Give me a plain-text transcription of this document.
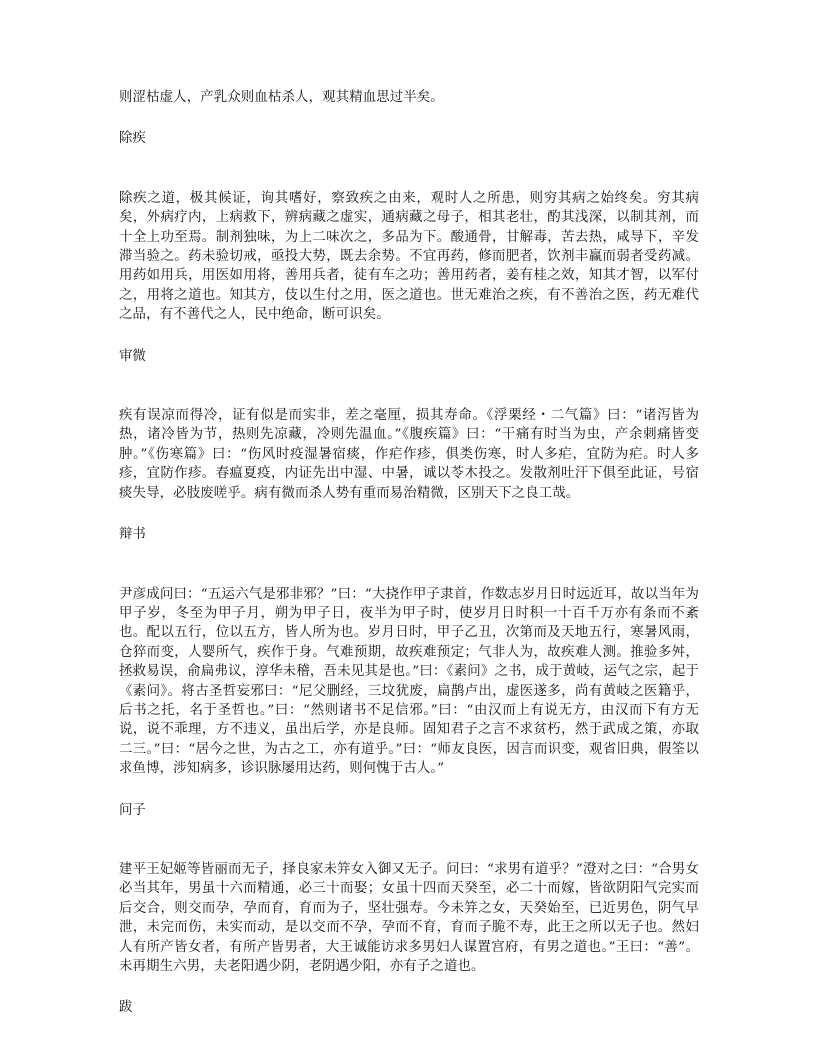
则涩枯虚人，产乳众则血枯杀人，观其精血思过半矣。

除疾

除疾之道，极其候证，询其嗜好，察致疾之由来，观时人之所患，则穷其病之始终矣。穷其病矣，外病疗内，上病救下，辨病藏之虚实，通病藏之母子，相其老壮，酌其浅深，以制其剂，而十全上功至焉。制剂独味，为上二味次之，多品为下。酸通骨，甘解毒，苦去热，咸导下，辛发滞当验之。药未验切戒，亟投大势，既去余势。不宜再药，修而肥者，饮剂丰赢而弱者受药减。用药如用兵，用医如用将，善用兵者，徒有车之功；善用药者，姜有桂之效，知其才智，以军付之，用将之道也。知其方，伎以生付之用，医之道也。世无难治之疾，有不善治之医，药无难代之品，有不善代之人，民中绝命，断可识矣。

审微

疾有误凉而得冷，证有似是而实非，差之毫厘，损其寿命。《浮栗经・二气篇》曰：“诸泻皆为热，诸冷皆为节，热则先凉藏，冷则先温血。”《腹疾篇》曰：“干痛有时当为虫，产余刺痛皆变肿。”《伤寒篇》曰：“伤风时疫湿暑宿痰，作疟作疹，俱类伤寒，时人多疟，宜防为疟。时人多疹，宜防作疹。春瘟夏疫，内证先出中湿、中暑，诚以苓木投之。发散剂吐汗下俱至此证，号宿痰失导，必肢废嗟乎。病有微而杀人势有重而易治精微，区别天下之良工哉。

辩书

尹彦成问曰：“五运六气是邪非邪？”曰：“大挠作甲子隶首，作数志岁月日时远近耳，故以当年为甲子岁，冬至为甲子月，朔为甲子日，夜半为甲子时，使岁月日时积一十百千万亦有条而不紊也。配以五行，位以五方，皆人所为也。岁月日时，甲子乙丑，次第而及天地五行，寒暑风雨，仓猝而变，人婴所气，疾作于身。气难预期，故疾难预定；气非人为，故疾难人测。推验多舛，拯救易误，俞扁弗议，淳华未稽，吾未见其是也。”曰：《素问》之书，成于黄岐，运气之宗，起于《素问》。将古圣哲妄邪曰：“尼父删经，三坟犹废，扁鹊卢出，虚医遂多，尚有黄岐之医籍乎，后书之托，名于圣哲也。”曰：“然则诸书不足信邪。”曰：“由汉而上有说无方，由汉而下有方无说，说不乖理，方不违义，虽出后学，亦是良师。固知君子之言不求贫朽，然于武成之策，亦取二三。”曰：“居今之世，为古之工，亦有道乎。”曰：“师友良医，因言而识变，观省旧典，假筌以求鱼博，涉知病多，诊识脉屡用达药，则何愧于古人。”

问子

建平王妃姬等皆丽而无子，择良家未笄女入御又无子。问曰：“求男有道乎？”澄对之曰：“合男女必当其年，男虽十六而精通，必三十而娶；女虽十四而天癸至，必二十而嫁，皆欲阴阳气完实而后交合，则交而孕，孕而育，育而为子，坚壮强寿。今未笄之女，天癸始至，已近男色，阴气早泄，未完而伤，未实而动，是以交而不孕，孕而不育，育而子脆不寿，此王之所以无子也。然妇人有所产皆女者，有所产皆男者，大王诚能访求多男妇人谋置宫府，有男之道也。”王曰：“善”。未再期生六男，夫老阳遇少阴，老阴遇少阳，亦有子之道也。

跋
